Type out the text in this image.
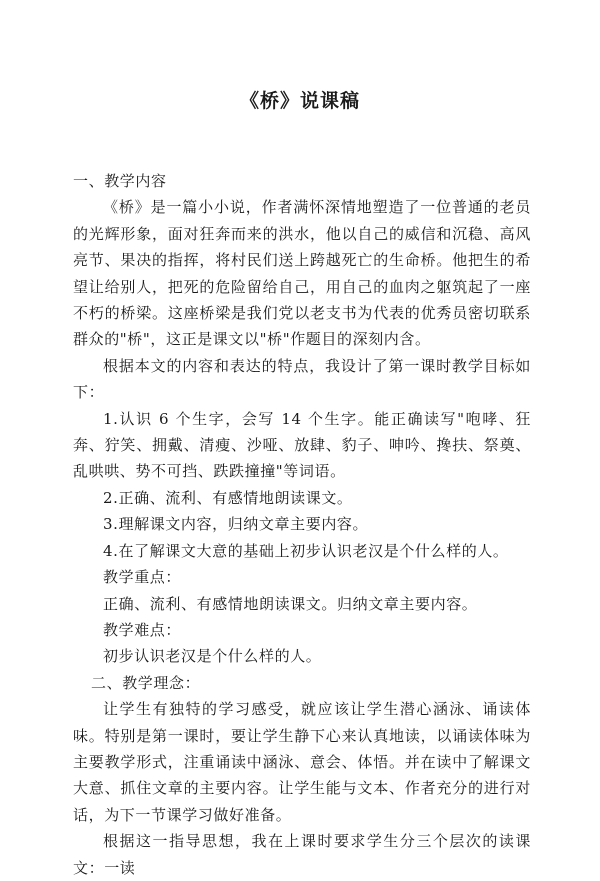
《桥》说课稿

一、教学内容

《桥》是一篇小小说，作者满怀深情地塑造了一位普通的老员的光辉形象，面对狂奔而来的洪水，他以自己的威信和沉稳、高风亮节、果决的指挥，将村民们送上跨越死亡的生命桥。他把生的希望让给别人，把死的危险留给自己，用自己的血肉之躯筑起了一座不朽的桥梁。这座桥梁是我们党以老支书为代表的优秀员密切联系群众的"桥"，这正是课文以"桥"作题目的深刻内含。

根据本文的内容和表达的特点，我设计了第一课时教学目标如下：

1.认识 6 个生字，会写 14 个生字。能正确读写"咆哮、狂奔、狞笑、拥戴、清瘦、沙哑、放肆、豹子、呻吟、搀扶、祭奠、乱哄哄、势不可挡、跌跌撞撞"等词语。

2.正确、流利、有感情地朗读课文。

3.理解课文内容，归纳文章主要内容。

4.在了解课文大意的基础上初步认识老汉是个什么样的人。

教学重点：

正确、流利、有感情地朗读课文。归纳文章主要内容。

教学难点：

初步认识老汉是个什么样的人。

二、教学理念：

让学生有独特的学习感受，就应该让学生潜心涵泳、诵读体味。特别是第一课时，要让学生静下心来认真地读，以诵读体味为主要教学形式，注重诵读中涵泳、意会、体悟。并在读中了解课文大意、抓住文章的主要内容。让学生能与文本、作者充分的进行对话，为下一节课学习做好准备。

根据这一指导思想，我在上课时要求学生分三个层次的读课文：一读
